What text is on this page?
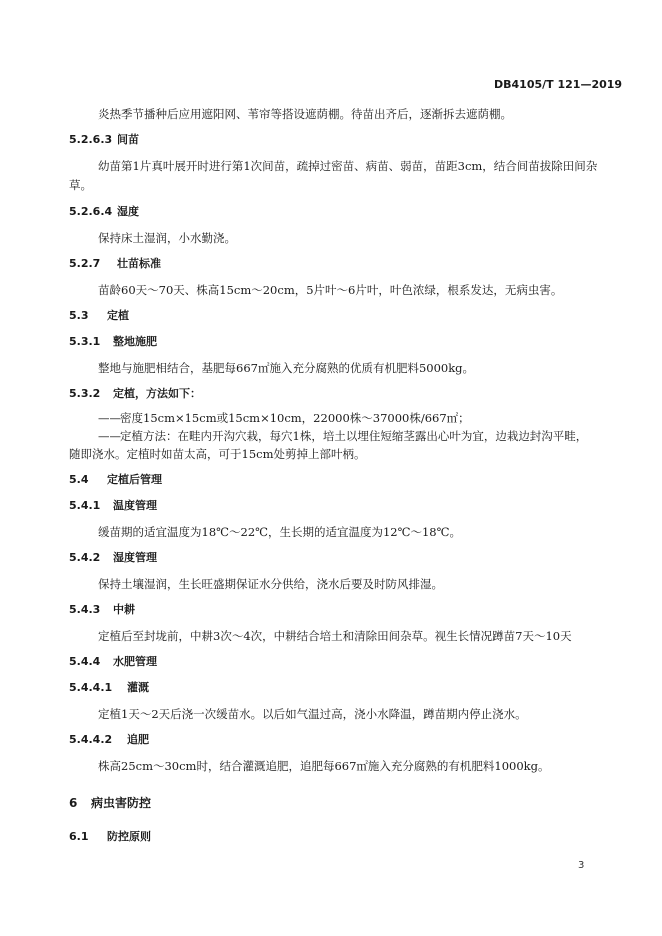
DB4105/T 121—2019
炎热季节播种后应用遮阳网、苇帘等搭设遮荫棚。待苗出齐后，逐渐拆去遮荫棚。
5.2.6.3 间苗
幼苗第1片真叶展开时进行第1次间苗，疏掉过密苗、病苗、弱苗，苗距3cm，结合间苗拔除田间杂
草。
5.2.6.4 湿度
保持床土湿润，小水勤浇。
5.2.7 壮苗标准
苗龄60天～70天、株高15cm～20cm，5片叶～6片叶，叶色浓绿，根系发达，无病虫害。
5.3 定植
5.3.1 整地施肥
整地与施肥相结合，基肥每667㎡施入充分腐熟的优质有机肥料5000kg。
5.3.2 定植，方法如下：
——密度15cm×15cm或15cm×10cm，22000株～37000株/667㎡；
——定植方法：在畦内开沟穴栽，每穴1株，培土以埋住短缩茎露出心叶为宜，边栽边封沟平畦，
随即浇水。定植时如苗太高，可于15cm处剪掉上部叶柄。
5.4 定植后管理
5.4.1 温度管理
缓苗期的适宜温度为18℃～22℃，生长期的适宜温度为12℃～18℃。
5.4.2 湿度管理
保持土壤湿润，生长旺盛期保证水分供给，浇水后要及时防风排湿。
5.4.3 中耕
定植后至封垅前，中耕3次～4次，中耕结合培土和清除田间杂草。视生长情况蹲苗7天～10天
5.4.4 水肥管理
5.4.4.1 灌溉
定植1天～2天后浇一次缓苗水。以后如气温过高，浇小水降温，蹲苗期内停止浇水。
5.4.4.2 追肥
株高25cm～30cm时，结合灌溉追肥，追肥每667㎡施入充分腐熟的有机肥料1000kg。
6 病虫害防控
6.1 防控原则
3
